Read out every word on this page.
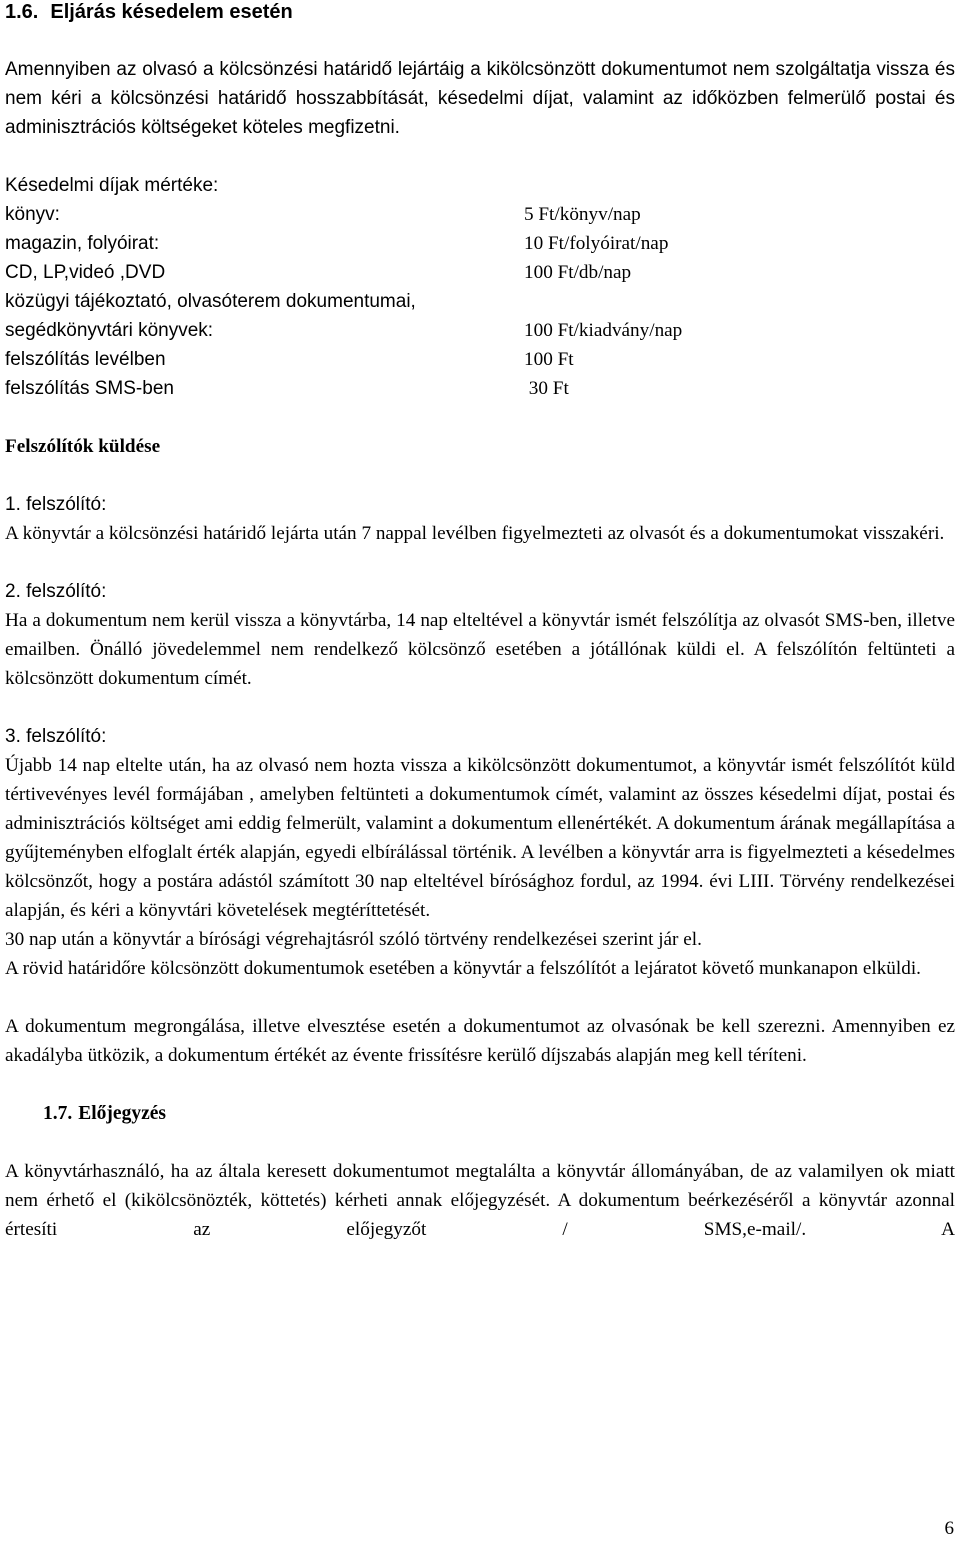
1.6. Eljárás késedelem esetén

Amennyiben az olvasó a kölcsönzési határidő lejártáig a kikölcsönzött dokumentumot nem szolgáltatja vissza és nem kéri a kölcsönzési határidő hosszabbítását, késedelmi díjat, valamint az időközben felmerülő postai és adminisztrációs költségeket köteles megfizetni.

Késedelmi díjak mértéke:

könyv:	5 Ft/könyv/nap
magazin, folyóirat:	10 Ft/folyóirat/nap
CD, LP,videó ,DVD	100 Ft/db/nap
közügyi tájékoztató, olvasóterem dokumentumai,
segédkönyvtári könyvek:	100 Ft/kiadvány/nap
felszólítás levélben	100 Ft
felszólítás SMS-ben	30 Ft

Felszólítók küldése

1. felszólító:

A könyvtár a kölcsönzési határidő lejárta után 7 nappal levélben figyelmezteti az olvasót és a dokumentumokat visszakéri.

2. felszólító:

Ha a dokumentum nem kerül vissza a könyvtárba, 14 nap elteltével a könyvtár ismét felszólítja az olvasót SMS-ben, illetve emailben. Önálló jövedelemmel nem rendelkező kölcsönző esetében a jótállónak küldi el. A felszólítón feltünteti a kölcsönzött dokumentum címét.

3. felszólító:

Újabb 14 nap eltelte után, ha az olvasó nem hozta vissza a kikölcsönzött dokumentumot, a könyvtár ismét felszólítót küld tértivevényes levél formájában , amelyben feltünteti a dokumentumok címét, valamint az összes késedelmi díjat, postai és adminisztrációs költséget ami eddig felmerült, valamint a dokumentum ellenértékét. A dokumentum árának megállapítása a gyűjteményben elfoglalt érték alapján, egyedi elbírálással történik. A levélben a könyvtár arra is figyelmezteti a késedelmes kölcsönzőt, hogy a postára adástól számított 30 nap elteltével bírósághoz fordul, az 1994. évi LIII. Törvény rendelkezései alapján, és kéri a könyvtári követelések megtéríttetését.

30 nap után a könyvtár a bírósági végrehajtásról szóló törtvény rendelkezései szerint jár el.

A rövid határidőre kölcsönzött dokumentumok esetében a könyvtár a felszólítót a lejáratot követő munkanapon elküldi.

A dokumentum megrongálása, illetve elvesztése esetén a dokumentumot az olvasónak be kell szerezni. Amennyiben ez akadályba ütközik, a dokumentum értékét az évente frissítésre kerülő díjszabás alapján meg kell téríteni.

1.7. Előjegyzés

A könyvtárhasználó, ha az általa keresett dokumentumot megtalálta a könyvtár állományában, de az valamilyen ok miatt nem érhető el (kikölcsönözték, köttetés) kérheti annak előjegyzését. A dokumentum beérkezéséről a könyvtár azonnal értesíti az előjegyzőt / SMS,e-mail/. A

6
